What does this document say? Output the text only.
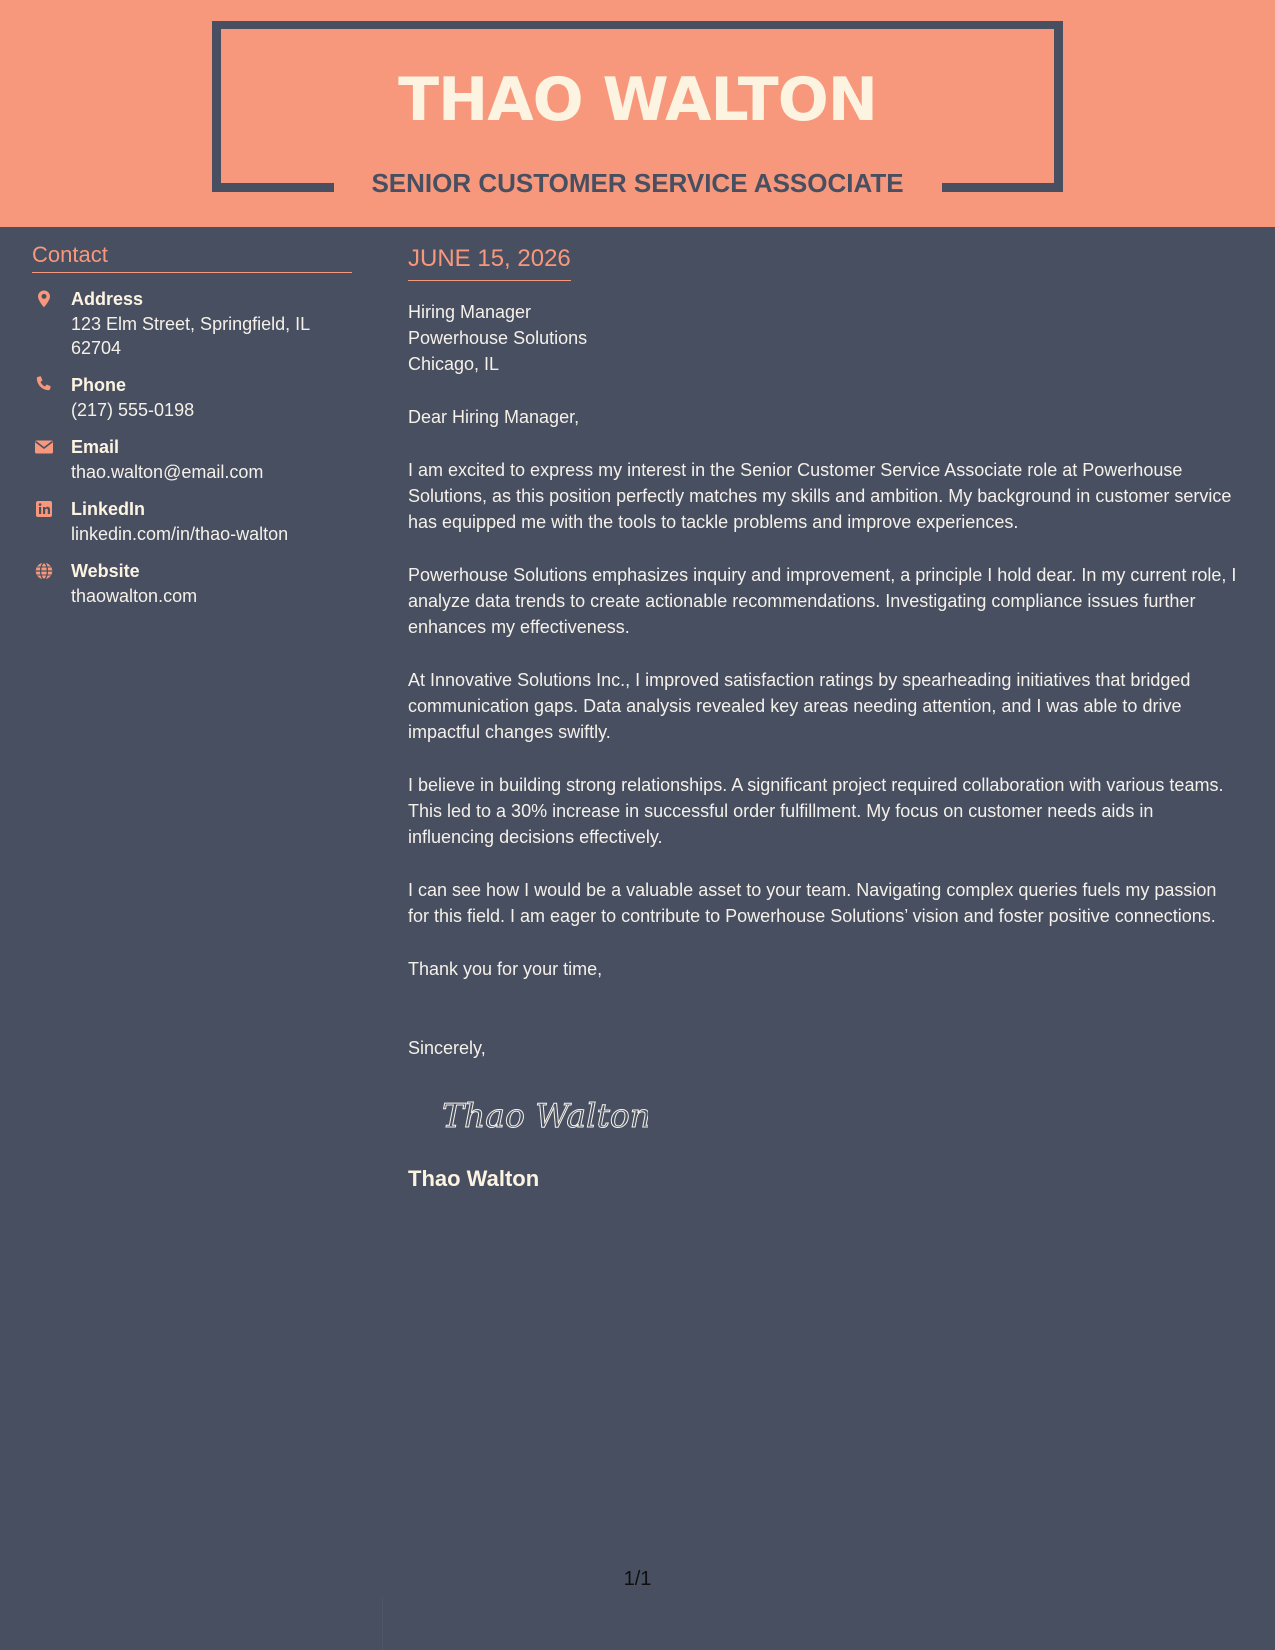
THAO WALTON
SENIOR CUSTOMER SERVICE ASSOCIATE
Contact
Address
123 Elm Street, Springfield, IL 62704
Phone
(217) 555-0198
Email
thao.walton@email.com
LinkedIn
linkedin.com/in/thao-walton
Website
thaowalton.com
JUNE 15, 2026
Hiring Manager
Powerhouse Solutions
Chicago, IL
Dear Hiring Manager,
I am excited to express my interest in the Senior Customer Service Associate role at Powerhouse Solutions, as this position perfectly matches my skills and ambition. My background in customer service has equipped me with the tools to tackle problems and improve experiences.
Powerhouse Solutions emphasizes inquiry and improvement, a principle I hold dear. In my current role, I analyze data trends to create actionable recommendations. Investigating compliance issues further enhances my effectiveness.
At Innovative Solutions Inc., I improved satisfaction ratings by spearheading initiatives that bridged communication gaps. Data analysis revealed key areas needing attention, and I was able to drive impactful changes swiftly.
I believe in building strong relationships. A significant project required collaboration with various teams. This led to a 30% increase in successful order fulfillment. My focus on customer needs aids in influencing decisions effectively.
I can see how I would be a valuable asset to your team. Navigating complex queries fuels my passion for this field. I am eager to contribute to Powerhouse Solutions’ vision and foster positive connections.
Thank you for your time,
Sincerely,
Thao Walton
Thao Walton
1/1
